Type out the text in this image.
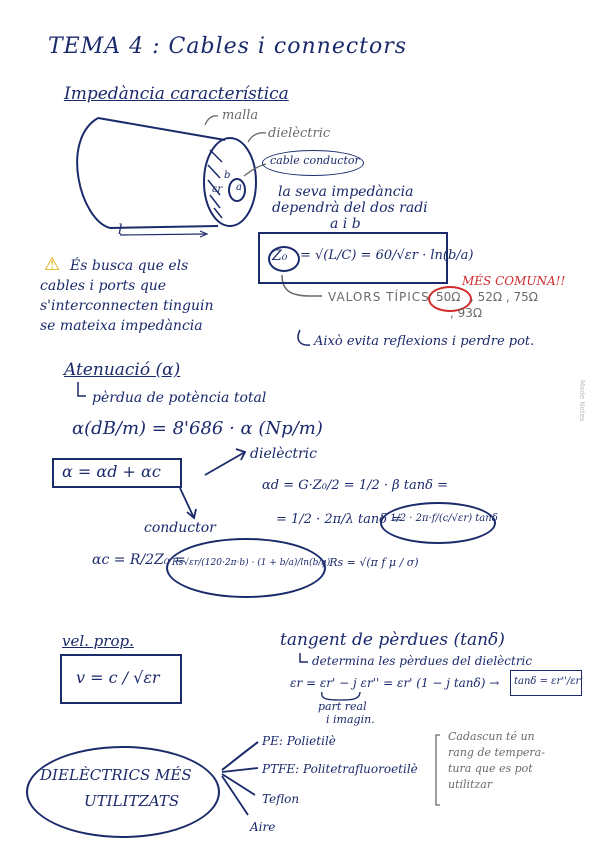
TEMA 4 : Cables i connectors
Impedància característica
malla
dielèctric
cable conductor
l
b
a
εr	la seva impedància
dependrà del dos radi
a i b
Z₀ = √(L/C) = 60/√εr · ln(b/a)
MÉS COMUNA!!
VALORS TÍPICS 50Ω , 52Ω , 75Ω
, 93Ω
⚠ És busca que els
cables i ports que
s'interconnecten tinguin
se mateixa impedància
Això evita reflexions i perdre pot.
Atenuació (α)
pèrdua de potència total
α(dB/m) = 8'686 · α (Np/m)
α = αd + αc
dielèctric
αd = G·Z₀/2 = 1/2 · β tanδ =
= 1/2 · 2π/λ tanδ =
1/2 · 2π·f/(c/√εr) tanδ
conductor
αc = R/2Z₀ =
Rs√εr/(120·2π·b) · (1 + b/a)/ln(b/a)
; Rs = √(π f μ / σ)
vel. prop.
v = c / √εr
tangent de pèrdues (tanδ)
determina les pèrdues del dielèctric
εr = εr' − j εr'' = εr' (1 − j tanδ) → tanδ = εr''/εr'
part real
i imagin.
DIELÈCTRICS MÉS
UTILITZATS
PE: Polietilè
PTFE: Politetrafluoroetilè
Teflon
Aire
Cadascun té un
rang de tempera-
tura que es pot
utilitzar
Made Notes
